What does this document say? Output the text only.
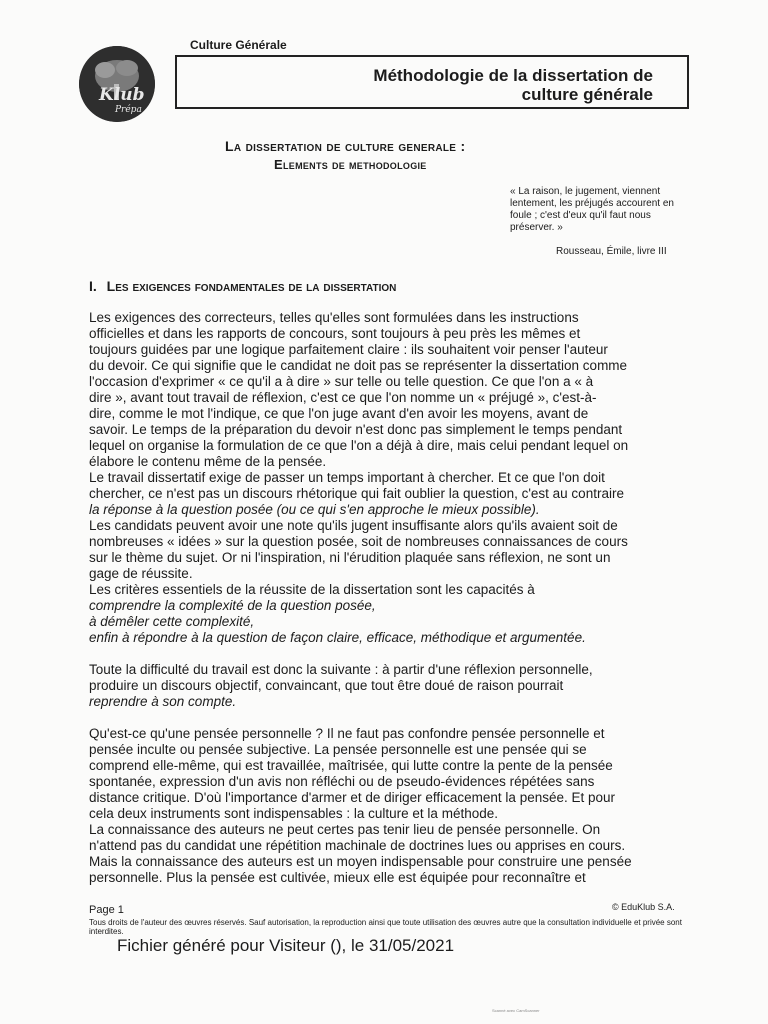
Culture Générale
Klub
Prépa
Méthodologie de la dissertation de
culture générale
La dissertation de culture generale :
Elements de methodologie
« La raison, le jugement, viennent lentement, les préjugés accourent en foule ; c'est d'eux qu'il faut nous préserver. »
Rousseau, Émile, livre III
I. Les exigences fondamentales de la dissertation
Les exigences des correcteurs, telles qu'elles sont formulées dans les instructions
officielles et dans les rapports de concours, sont toujours à peu près les mêmes et
toujours guidées par une logique parfaitement claire : ils souhaitent voir penser l'auteur
du devoir. Ce qui signifie que le candidat ne doit pas se représenter la dissertation comme
l'occasion d'exprimer « ce qu'il a à dire » sur telle ou telle question. Ce que l'on a « à
dire », avant tout travail de réflexion, c'est ce que l'on nomme un « préjugé », c'est-à-
dire, comme le mot l'indique, ce que l'on juge avant d'en avoir les moyens, avant de
savoir. Le temps de la préparation du devoir n'est donc pas simplement le temps pendant
lequel on organise la formulation de ce que l'on a déjà à dire, mais celui pendant lequel on
élabore le contenu même de la pensée.
Le travail dissertatif exige de passer un temps important à chercher. Et ce que l'on doit
chercher, ce n'est pas un discours rhétorique qui fait oublier la question, c'est au contraire
la réponse à la question posée (ou ce qui s'en approche le mieux possible).
Les candidats peuvent avoir une note qu'ils jugent insuffisante alors qu'ils avaient soit de
nombreuses « idées » sur la question posée, soit de nombreuses connaissances de cours
sur le thème du sujet. Or ni l'inspiration, ni l'érudition plaquée sans réflexion, ne sont un
gage de réussite.
Les critères essentiels de la réussite de la dissertation sont les capacités à
comprendre la complexité de la question posée,
à démêler cette complexité,
enfin à répondre à la question de façon claire, efficace, méthodique et argumentée.
Toute la difficulté du travail est donc la suivante : à partir d'une réflexion personnelle,
produire un discours objectif, convaincant, que tout être doué de raison pourrait
reprendre à son compte.
Qu'est-ce qu'une pensée personnelle ? Il ne faut pas confondre pensée personnelle et
pensée inculte ou pensée subjective. La pensée personnelle est une pensée qui se
comprend elle-même, qui est travaillée, maîtrisée, qui lutte contre la pente de la pensée
spontanée, expression d'un avis non réfléchi ou de pseudo-évidences répétées sans
distance critique. D'où l'importance d'armer et de diriger efficacement la pensée. Et pour
cela deux instruments sont indispensables : la culture et la méthode.
La connaissance des auteurs ne peut certes pas tenir lieu de pensée personnelle. On
n'attend pas du candidat une répétition machinale de doctrines lues ou apprises en cours.
Mais la connaissance des auteurs est un moyen indispensable pour construire une pensée
personnelle. Plus la pensée est cultivée, mieux elle est équipée pour reconnaître et
Page 1	© EduKlub S.A.
Tous droits de l'auteur des œuvres réservés. Sauf autorisation, la reproduction ainsi que toute utilisation des œuvres autre que la consultation individuelle et privée sont interdites.
Fichier généré pour Visiteur (), le 31/05/2021
Scanné avec CamScanner
